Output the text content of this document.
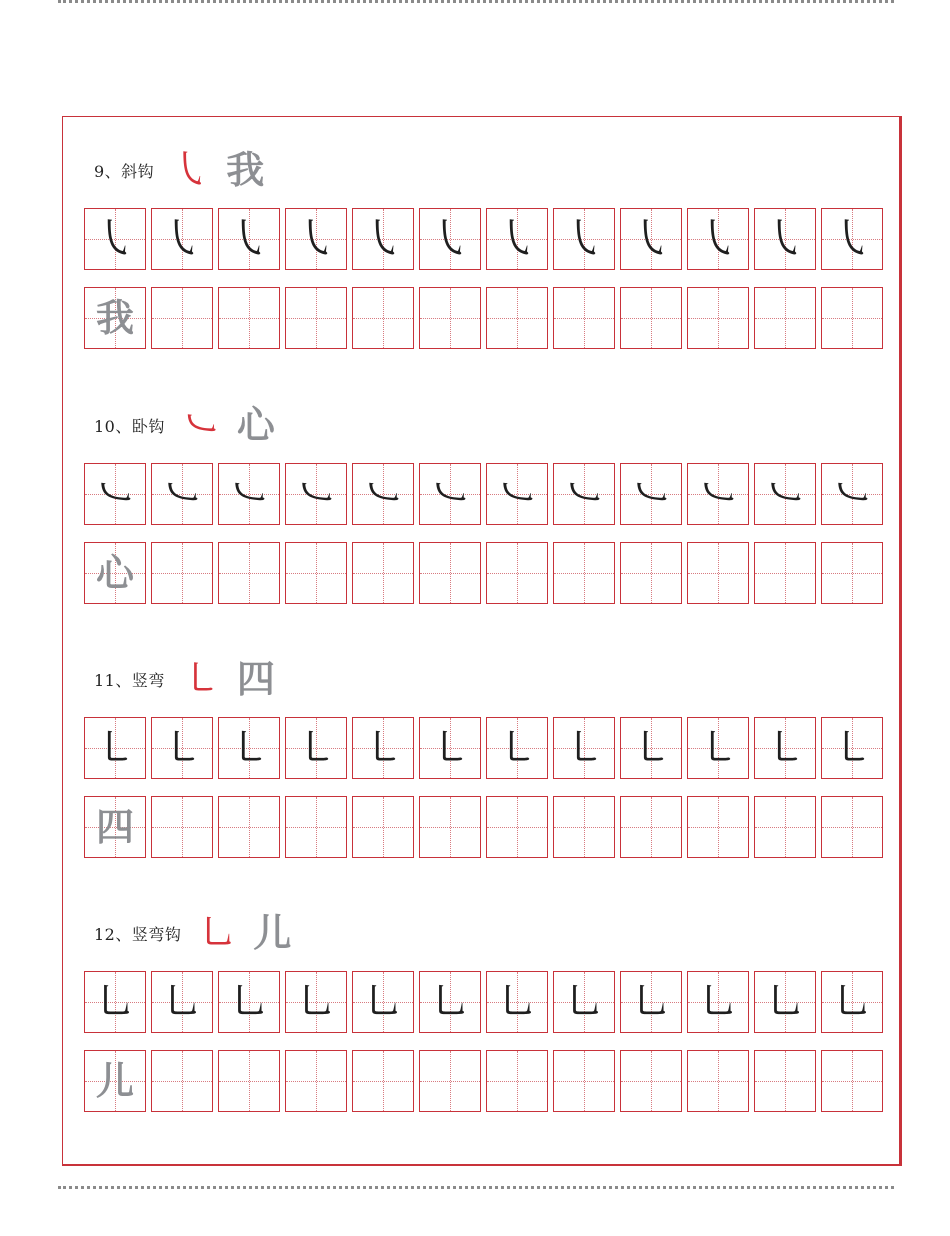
9、斜钩 ㇂ 我
㇂ ㇂ ㇂ ㇂ ㇂ ㇂ ㇂ ㇂ ㇂ ㇂ ㇂ ㇂
我
10、卧钩 ㇃ 心
㇃ ㇃ ㇃ ㇃ ㇃ ㇃ ㇃ ㇃ ㇃ ㇃ ㇃ ㇃
心
11、竖弯 ㇄ 四
㇄ ㇄ ㇄ ㇄ ㇄ ㇄ ㇄ ㇄ ㇄ ㇄ ㇄ ㇄
四
12、竖弯钩 ㇟ 儿
㇟ ㇟ ㇟ ㇟ ㇟ ㇟ ㇟ ㇟ ㇟ ㇟ ㇟ ㇟
儿
